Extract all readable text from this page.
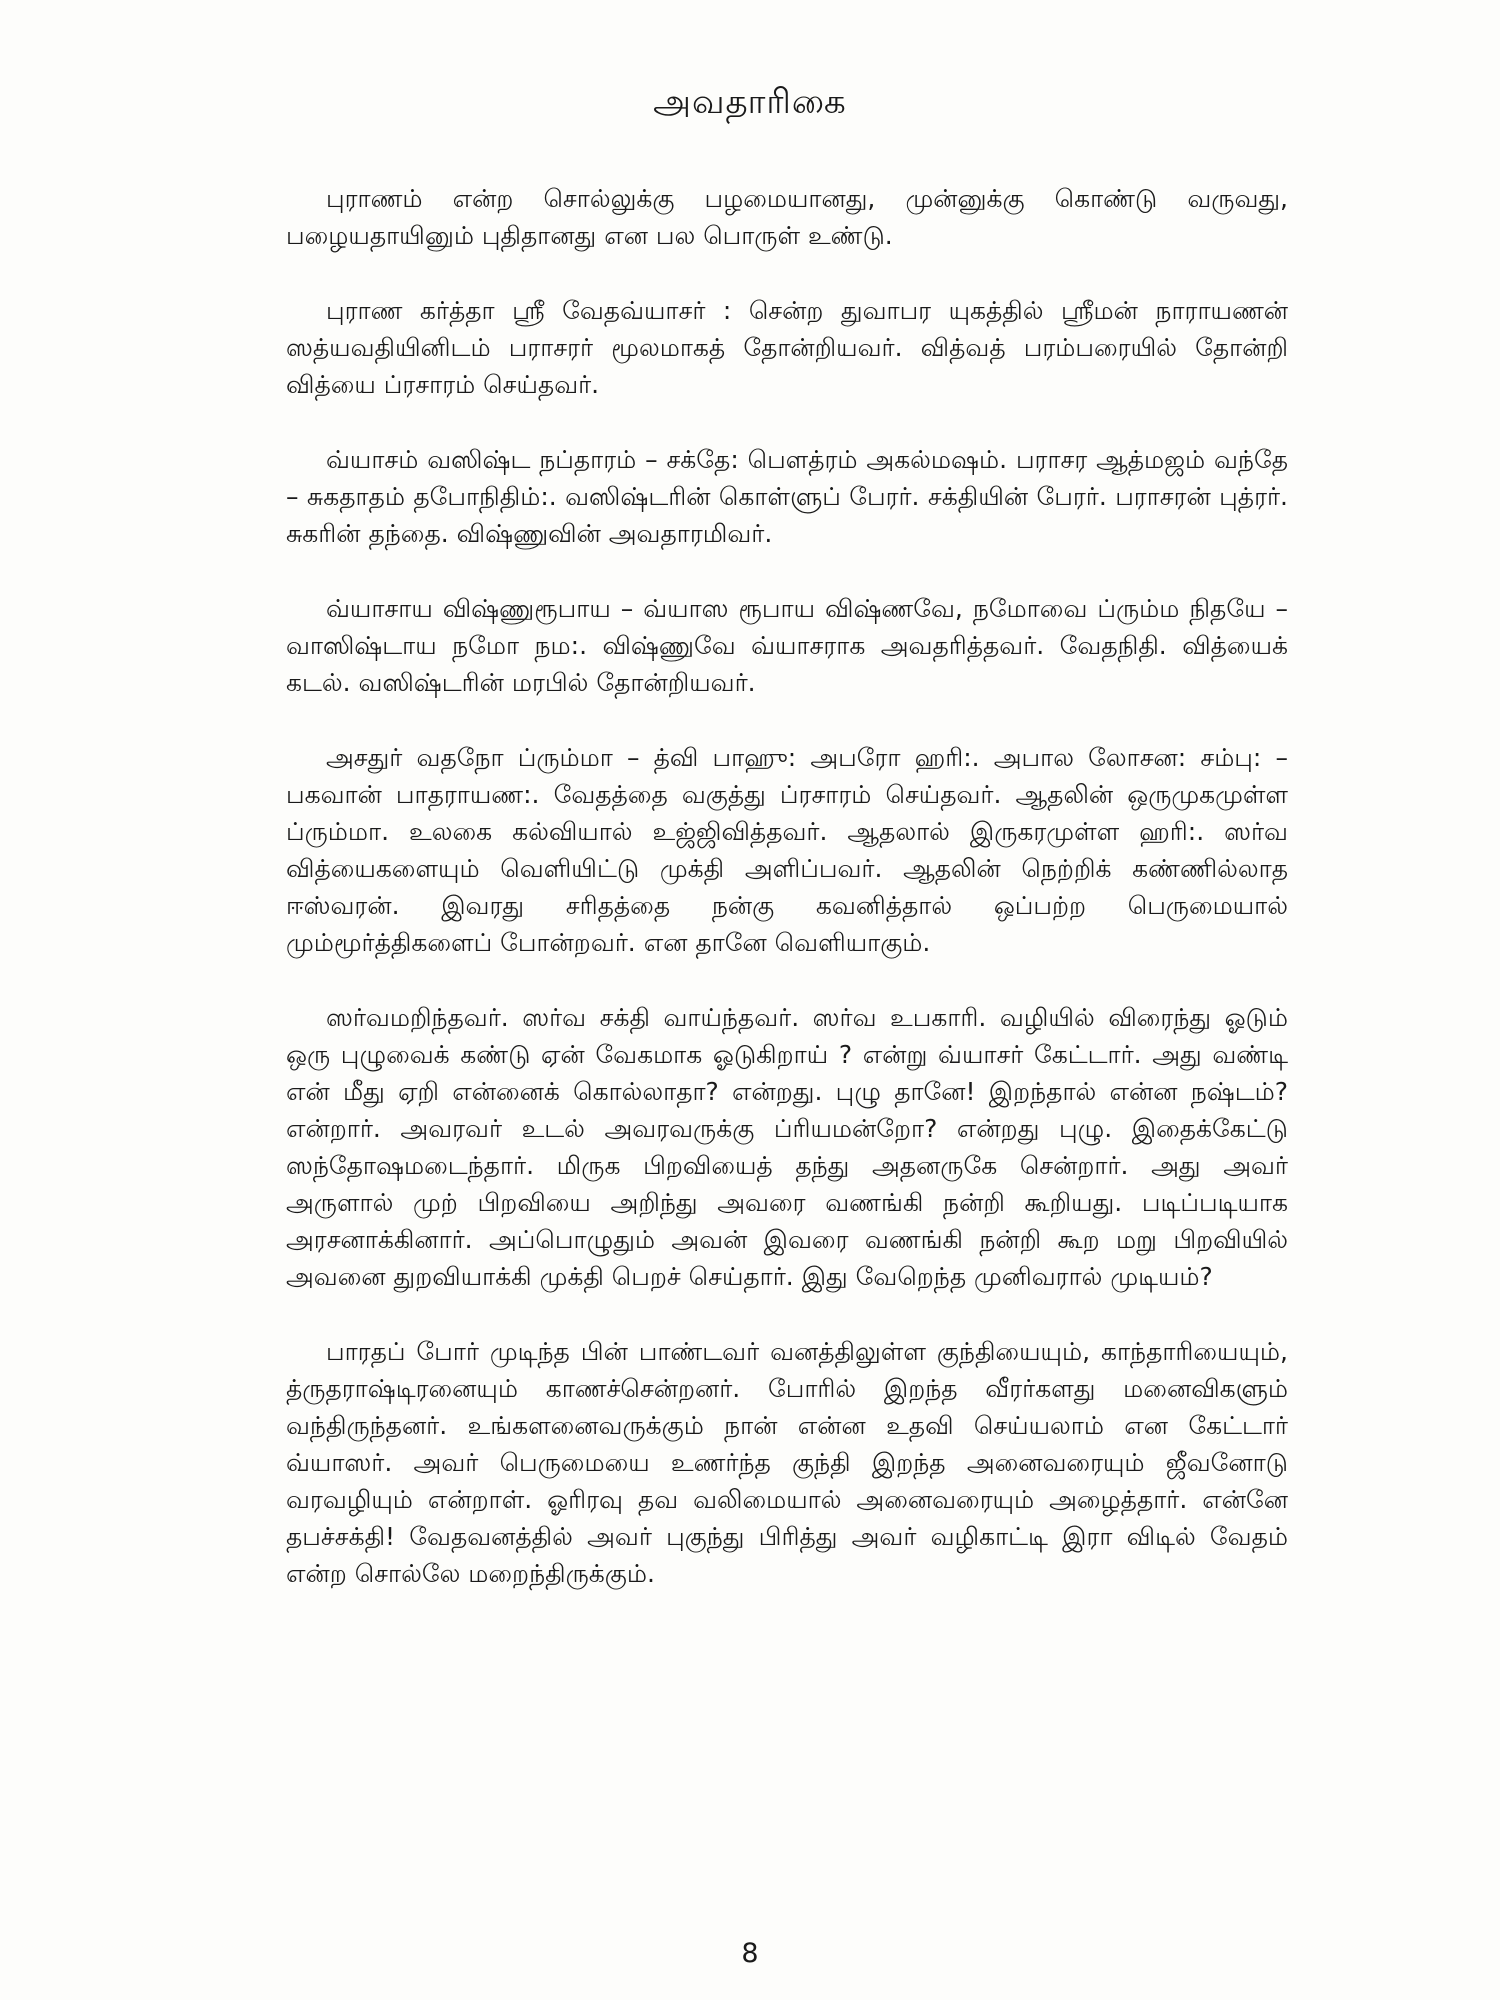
அவதாரிகை

புராணம் என்ற சொல்லுக்கு பழமையானது, முன்னுக்கு கொண்டு வருவது, பழையதாயினும் புதிதானது என பல பொருள் உண்டு.

புராண கர்த்தா ஸ்ரீ வேதவ்யாசர் : சென்ற துவாபர யுகத்தில் ஸ்ரீமன் நாராயணன் ஸத்யவதியினிடம் பராசரர் மூலமாகத் தோன்றியவர். வித்வத் பரம்பரையில் தோன்றி வித்யை ப்ரசாரம் செய்தவர்.

வ்யாசம் வஸிஷ்ட நப்தாரம் – சக்தே: பௌத்ரம் அகல்மஷம். பராசர ஆத்மஜம் வந்தே – சுகதாதம் தபோநிதிம்:. வஸிஷ்டரின் கொள்ளுப் பேரர். சக்தியின் பேரர். பராசரன் புத்ரர். சுகரின் தந்தை. விஷ்ணுவின் அவதாரமிவர்.

வ்யாசாய விஷ்ணுரூபாய – வ்யாஸ ரூபாய விஷ்ணவே, நமோவை ப்ரும்ம நிதயே – வாஸிஷ்டாய நமோ நம:. விஷ்ணுவே வ்யாசராக அவதரித்தவர். வேதநிதி. வித்யைக் கடல். வஸிஷ்டரின் மரபில் தோன்றியவர்.

அசதுர் வதநோ ப்ரும்மா – த்வி பாஹு: அபரோ ஹரி:. அபால லோசன: சம்பு: – பகவான் பாதராயண:. வேதத்தை வகுத்து ப்ரசாரம் செய்தவர். ஆதலின் ஒருமுகமுள்ள ப்ரும்மா. உலகை கல்வியால் உஜ்ஜிவித்தவர். ஆதலால் இருகரமுள்ள ஹரி:. ஸர்வ வித்யைகளையும் வெளியிட்டு முக்தி அளிப்பவர். ஆதலின் நெற்றிக் கண்ணில்லாத ஈஸ்வரன். இவரது சரிதத்தை நன்கு கவனித்தால் ஒப்பற்ற பெருமையால் மும்மூர்த்திகளைப் போன்றவர். என தானே வெளியாகும்.

ஸர்வமறிந்தவர். ஸர்வ சக்தி வாய்ந்தவர். ஸர்வ உபகாரி. வழியில் விரைந்து ஓடும் ஒரு புழுவைக் கண்டு ஏன் வேகமாக ஓடுகிறாய் ? என்று வ்யாசர் கேட்டார். அது வண்டி என் மீது ஏறி என்னைக் கொல்லாதா? என்றது. புழு தானே! இறந்தால் என்ன நஷ்டம்? என்றார். அவரவர் உடல் அவரவருக்கு ப்ரியமன்றோ? என்றது புழு. இதைக்கேட்டு ஸந்தோஷமடைந்தார். மிருக பிறவியைத் தந்து அதனருகே சென்றார். அது அவர் அருளால் முற் பிறவியை அறிந்து அவரை வணங்கி நன்றி கூறியது. படிப்படியாக அரசனாக்கினார். அப்பொழுதும் அவன் இவரை வணங்கி நன்றி கூற மறு பிறவியில் அவனை துறவியாக்கி முக்தி பெறச் செய்தார். இது வேறெந்த முனிவரால் முடியம்?

பாரதப் போர் முடிந்த பின் பாண்டவர் வனத்திலுள்ள குந்தியையும், காந்தாரியையும், த்ருதராஷ்டிரனையும் காணச்சென்றனர். போரில் இறந்த வீரர்களது மனைவிகளும் வந்திருந்தனர். உங்களனைவருக்கும் நான் என்ன உதவி செய்யலாம் என கேட்டார் வ்யாஸர். அவர் பெருமையை உணர்ந்த குந்தி இறந்த அனைவரையும் ஜீவனோடு வரவழியும் என்றாள். ஓரிரவு தவ வலிமையால் அனைவரையும் அழைத்தார். என்னே தபச்சக்தி! வேதவனத்தில் அவர் புகுந்து பிரித்து அவர் வழிகாட்டி இரா விடில் வேதம் என்ற சொல்லே மறைந்திருக்கும்.

8
